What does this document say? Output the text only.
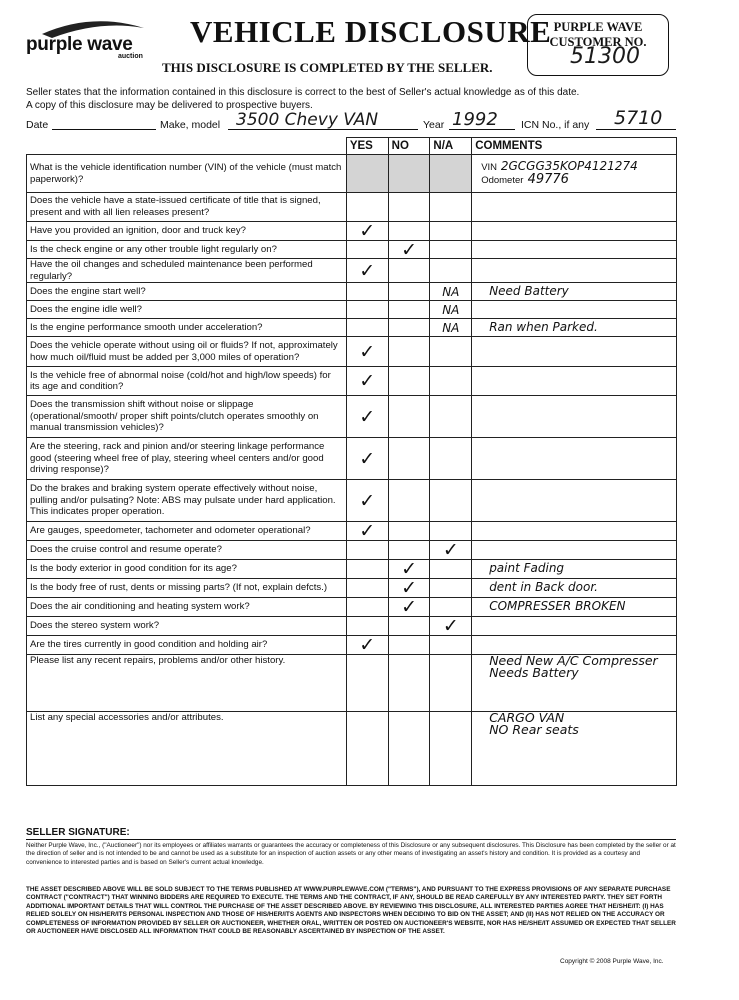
purple wave
auction
VEHICLE DISCLOSURE
THIS DISCLOSURE IS COMPLETED BY THE SELLER.
PURPLE WAVE
CUSTOMER NO.
51300
Seller states that the information contained in this disclosure is correct to the best of Seller's actual knowledge as of this date.
A copy of this disclosure may be delivered to prospective buyers.
Date	Make, model 3500 Chevy VAN	Year 1992 ICN No., if any 5710
	YES	NO	N/A	COMMENTS
What is the vehicle identification number (VIN) of the vehicle (must match paperwork)?				VIN 2GCGG35KOP4121274
Odometer 49776

Does the vehicle have a state-issued certificate of title that is signed, present and with all lien releases present?				
Have you provided an ignition, door and truck key?	✓			

Is the check engine or any other trouble light regularly on?		✓		

Have the oil changes and scheduled maintenance been performed regularly?	✓			

Does the engine start well?			NA	Need Battery

Does the engine idle well?			NA	

Is the engine performance smooth under acceleration?			NA	Ran when Parked.

Does the vehicle operate without using oil or fluids? If not, approximately how much oil/fluid must be added per 3,000 miles of operation?	✓			

Is the vehicle free of abnormal noise (cold/hot and high/low speeds) for its age and condition?	✓			

Does the transmission shift without noise or slippage (operational/smooth/ proper shift points/clutch operates smoothly on manual transmission vehicles)?	✓			

Are the steering, rack and pinion and/or steering linkage performance good (steering wheel free of play, steering wheel centers and/or good driving response)?	✓			

Do the brakes and braking system operate effectively without noise, pulling and/or pulsating? Note: ABS may pulsate under hard application. This indicates proper operation.	✓			

Are gauges, speedometer, tachometer and odometer operational?	✓			

Does the cruise control and resume operate?			✓	

Is the body exterior in good condition for its age?		✓		paint Fading

Is the body free of rust, dents or missing parts? (If not, explain defcts.)		✓		dent in Back door.

Does the air conditioning and heating system work?		✓		COMPRESSER BROKEN

Does the stereo system work?			✓	

Are the tires currently in good condition and holding air?	✓			

Please list any recent repairs, problems and/or other history.				Need New A/C Compresser
Needs Battery

List any special accessories and/or attributes.				CARGO VAN
NO Rear seats
SELLER SIGNATURE:
Neither Purple Wave, Inc., ("Auctioneer") nor its employees or affiliates warrants or guarantees the accuracy or completeness of this Disclosure or any subsequent disclosures. This Disclosure has been completed by the seller or at the direction of seller and is not intended to be and cannot be used as a substitute for an inspection of auction assets or any other means of investigating an asset's history and condition. It is provided as a courtesy and convenience to interested parties and is based on Seller's current actual knowledge.
THE ASSET DESCRIBED ABOVE WILL BE SOLD SUBJECT TO THE TERMS PUBLISHED AT WWW.PURPLEWAVE.COM ("TERMS"), AND PURSUANT TO THE EXPRESS PROVISIONS OF ANY SEPARATE PURCHASE CONTRACT ("CONTRACT") THAT WINNING BIDDERS ARE REQUIRED TO EXECUTE. THE TERMS AND THE CONTRACT, IF ANY, SHOULD BE READ CAREFULLY BY ANY INTERESTED PARTY. THEY SET FORTH ADDITIONAL IMPORTANT DETAILS THAT WILL CONTROL THE PURCHASE OF THE ASSET DESCRIBED ABOVE. BY REVIEWING THIS DISCLOSURE, ALL INTERESTED PARTIES AGREE THAT HE/SHE/IT: (I) HAS RELIED SOLELY ON HIS/HER/ITS PERSONAL INSPECTION AND THOSE OF HIS/HER/ITS AGENTS AND INSPECTORS WHEN DECIDING TO BID ON THE ASSET; AND (II) HAS NOT RELIED ON THE ACCURACY OR COMPLETENESS OF INFORMATION PROVIDED BY SELLER OR AUCTIONEER, WHETHER ORAL, WRITTEN OR POSTED ON AUCTIONEER'S WEBSITE, NOR HAS HE/SHE/IT ASSUMED OR EXPECTED THAT SELLER OR AUCTIONEER HAVE DISCLOSED ALL INFORMATION THAT COULD BE REASONABLY ASCERTAINED BY INSPECTION OF THE ASSET.
Copyright © 2008 Purple Wave, Inc.
